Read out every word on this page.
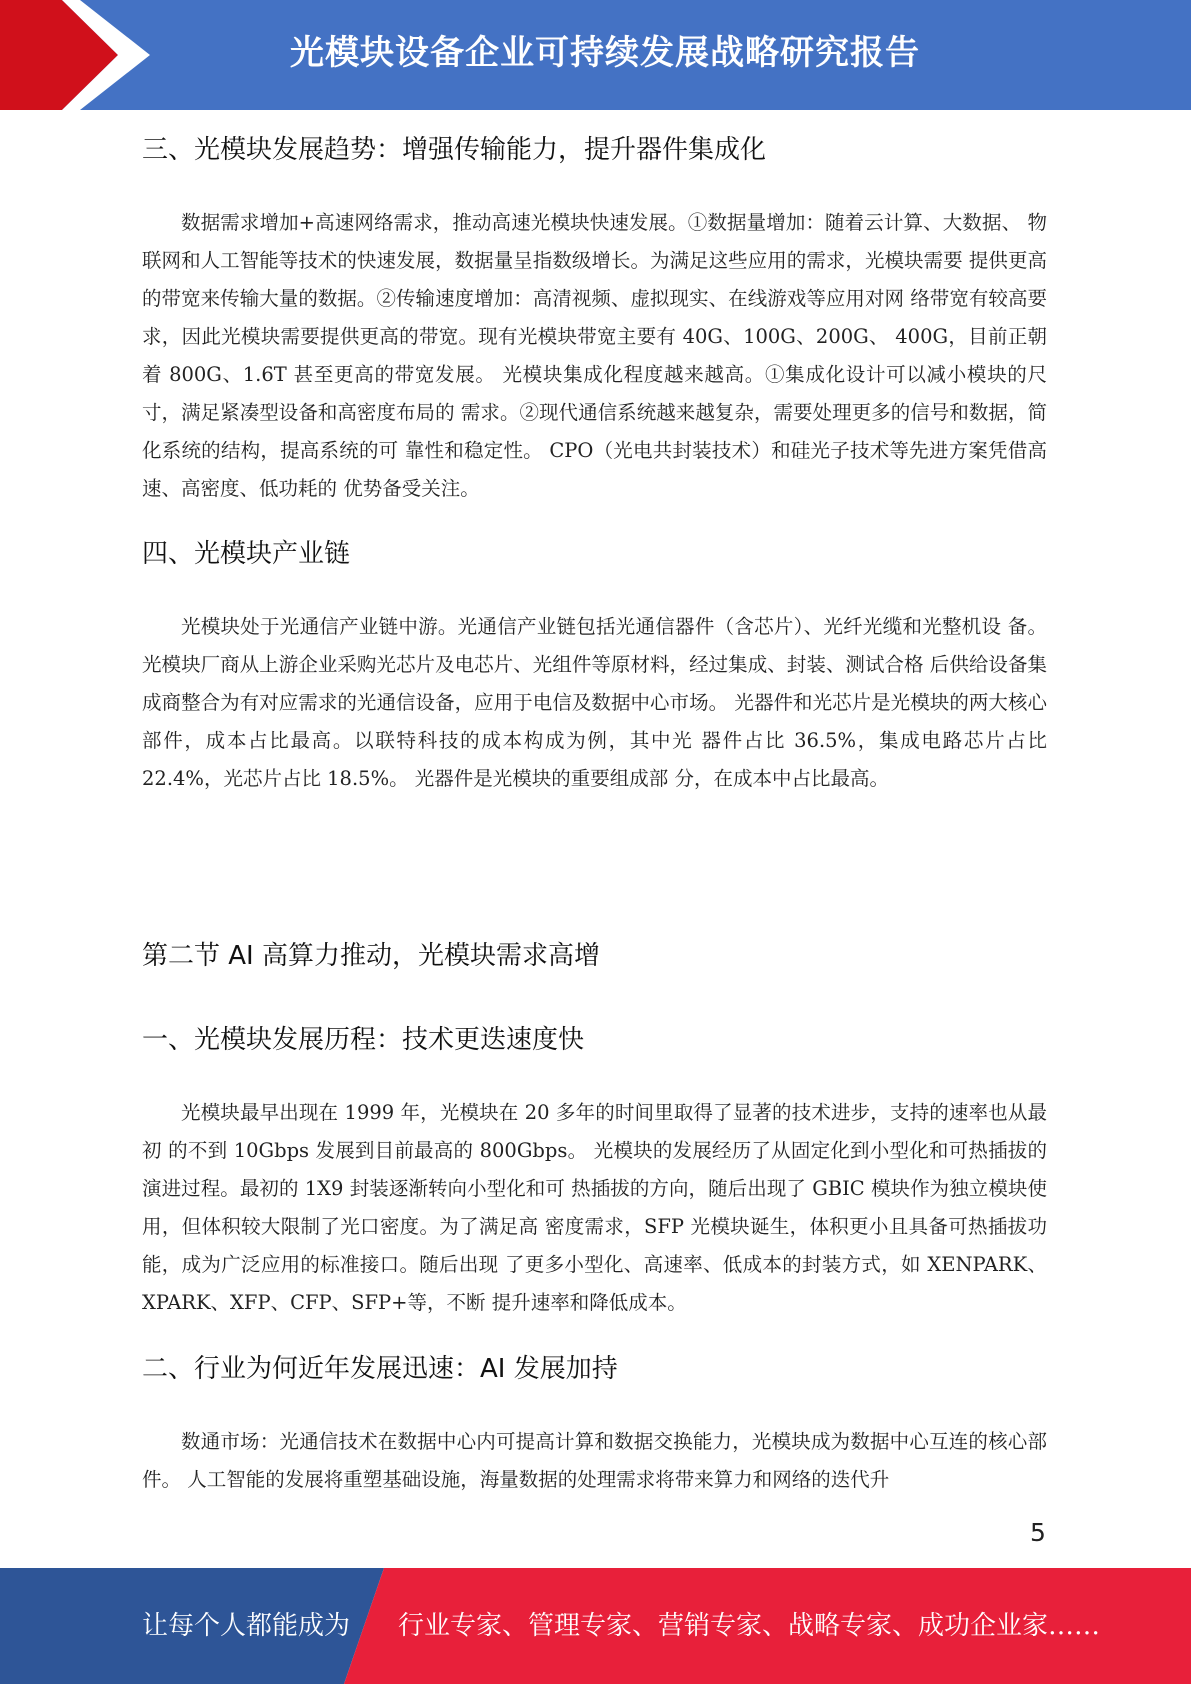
光模块设备企业可持续发展战略研究报告
三、光模块发展趋势：增强传输能力，提升器件集成化

数据需求增加+高速网络需求，推动高速光模块快速发展。①数据量增加：随着云计算、大数据、 物联网和人工智能等技术的快速发展，数据量呈指数级增长。为满足这些应用的需求，光模块需要 提供更高的带宽来传输大量的数据。②传输速度增加：高清视频、虚拟现实、在线游戏等应用对网 络带宽有较高要求，因此光模块需要提供更高的带宽。现有光模块带宽主要有 40G、100G、200G、 400G，目前正朝着 800G、1.6T 甚至更高的带宽发展。 光模块集成化程度越来越高。①集成化设计可以减小模块的尺寸，满足紧凑型设备和高密度布局的 需求。②现代通信系统越来越复杂，需要处理更多的信号和数据，简化系统的结构，提高系统的可 靠性和稳定性。 CPO（光电共封装技术）和硅光子技术等先进方案凭借高速、高密度、低功耗的 优势备受关注。

四、光模块产业链

光模块处于光通信产业链中游。光通信产业链包括光通信器件（含芯片）、光纤光缆和光整机设 备。光模块厂商从上游企业采购光芯片及电芯片、光组件等原材料，经过集成、封装、测试合格 后供给设备集成商整合为有对应需求的光通信设备，应用于电信及数据中心市场。 光器件和光芯片是光模块的两大核心部件，成本占比最高。以联特科技的成本构成为例，其中光 器件占比 36.5%，集成电路芯片占比 22.4%，光芯片占比 18.5%。 光器件是光模块的重要组成部 分，在成本中占比最高。

第二节 AI 高算力推动，光模块需求高增
一、光模块发展历程：技术更迭速度快

光模块最早出现在 1999 年，光模块在 20 多年的时间里取得了显著的技术进步，支持的速率也从最初 的不到 10Gbps 发展到目前最高的 800Gbps。 光模块的发展经历了从固定化到小型化和可热插拔的演进过程。最初的 1X9 封装逐渐转向小型化和可 热插拔的方向，随后出现了 GBIC 模块作为独立模块使用，但体积较大限制了光口密度。为了满足高 密度需求，SFP 光模块诞生，体积更小且具备可热插拔功能，成为广泛应用的标准接口。随后出现 了更多小型化、高速率、低成本的封装方式，如 XENPARK、XPARK、XFP、CFP、SFP+等，不断 提升速率和降低成本。

二、行业为何近年发展迅速：AI 发展加持

数通市场：光通信技术在数据中心内可提高计算和数据交换能力，光模块成为数据中心互连的核心部 件。 人工智能的发展将重塑基础设施，海量数据的处理需求将带来算力和网络的迭代升

5
让每个人都能成为 行业专家、管理专家、营销专家、战略专家、成功企业家……
